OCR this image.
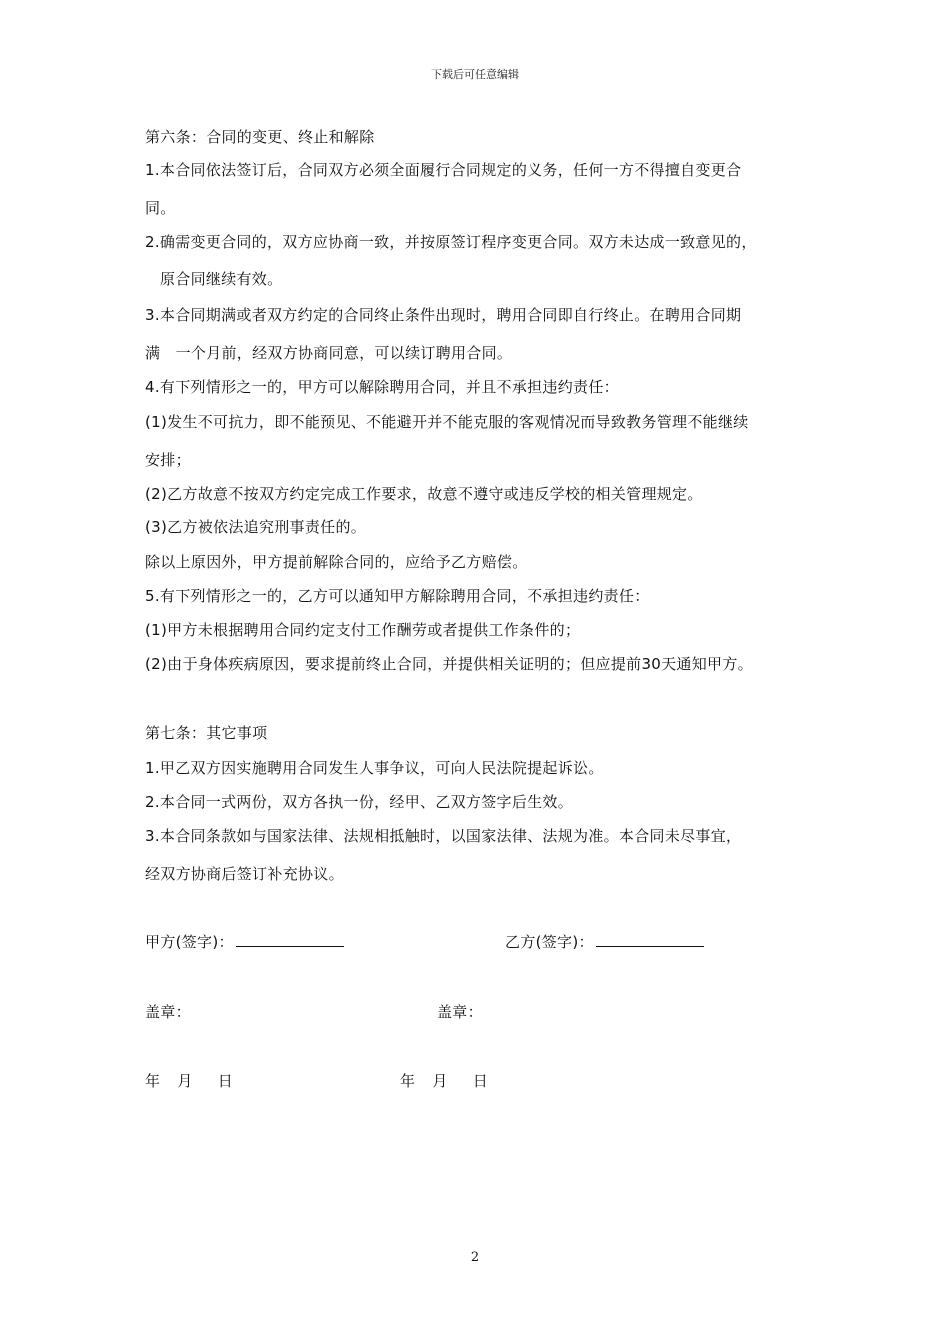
下载后可任意编辑
第六条：合同的变更、终止和解除
1.本合同依法签订后，合同双方必须全面履行合同规定的义务，任何一方不得擅自变更合
同。
2.确需变更合同的，双方应协商一致，并按原签订程序变更合同。双方未达成一致意见的，
原合同继续有效。
3.本合同期满或者双方约定的合同终止条件出现时，聘用合同即自行终止。在聘用合同期
满　一个月前，经双方协商同意，可以续订聘用合同。
4.有下列情形之一的，甲方可以解除聘用合同，并且不承担违约责任：
(1)发生不可抗力，即不能预见、不能避开并不能克服的客观情况而导致教务管理不能继续
安排；
(2)乙方故意不按双方约定完成工作要求，故意不遵守或违反学校的相关管理规定。
(3)乙方被依法追究刑事责任的。
除以上原因外，甲方提前解除合同的，应给予乙方赔偿。
5.有下列情形之一的，乙方可以通知甲方解除聘用合同，不承担违约责任：
(1)甲方未根据聘用合同约定支付工作酬劳或者提供工作条件的；
(2)由于身体疾病原因，要求提前终止合同，并提供相关证明的；但应提前30天通知甲方。
第七条：其它事项
1.甲乙双方因实施聘用合同发生人事争议，可向人民法院提起诉讼。
2.本合同一式两份，双方各执一份，经甲、乙双方签字后生效。
3.本合同条款如与国家法律、法规相抵触时，以国家法律、法规为准。本合同未尽事宜，
经双方协商后签订补充协议。
甲方(签字)：	乙方(签字)：
盖章：	盖章：
年 月 日	年 月 日
2
